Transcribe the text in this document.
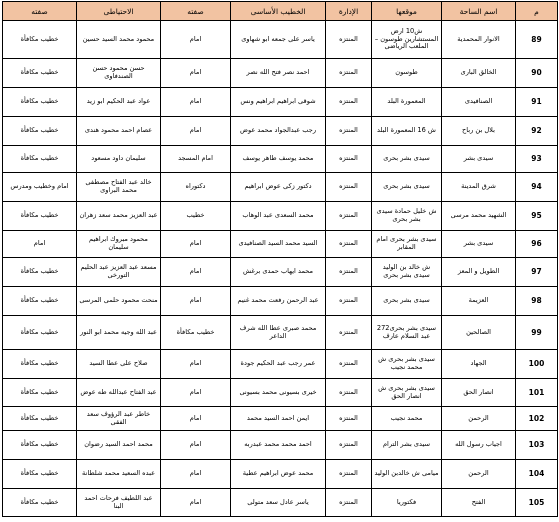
م	اسم الساحة	موقعها	الإدارة	الخطيب الأساسى	صفته	الاحتياطى	صفته
89	الانوار المحمدية	ش10 ارض المستشارين طوسون – الملعب الرياضى	المنتزه	ياسر على جمعه ابو شهاوى	امام	محمود محمد السيد حسين	خطيب مكافأة
90	الخالق البارى	طوسون	المنتزه	احمد نصر فتح الله نصر	امام	حسن محمود حسن الصندفاوى	خطيب مكافأة
91	الصنافيدى	المعمورة البلد	المنتزه	شوقى ابراهيم ابراهيم ونس	امام	عواد عبد الحكيم ابو زيد	خطيب مكافأة
92	بلال بن رباح	ش 16 المعمورة البلد	المنتزه	رجب عبدالجواد محمد عوض	امام	عصام احمد محمود هندى	خطيب مكافأة
93	سيدى بشر	سيدى بشر بحرى	المنتزه	محمد يوسف طاهر يوسف	امام المسجد	سليمان داود مسعود	خطيب مكافأة
94	شرق المدينة	سيدى بشر بحرى	المنتزه	دكتور زكى عوض ابراهيم	دكتوراه	خالد عبد الفتاح مصطفى محمد البراوى	امام وخطيب ومدرس
95	الشهيد محمد مرسى	ش خليل حمادة سيدى بشر بحرى	المنتزه	محمد السعدى عبد الوهاب	خطيب	عبد العزيز محمد سعد زهران	خطيب مكافأة
96	سيدى بشر	سيدى بشر بحرى امام المقابر	المنتزه	السيد محمد السيد الصنافيدى	امام	محمود مبروك ابراهيم سليمان	امام
97	الطويل و المعز	ش خالد بن الوليد سيدى بشر بحرى	المنتزه	محمد ايهاب حمدى برغش	امام	مسعد عبد العزيز عبد الحليم التورخى	خطيب مكافأة
98	العزيمة	سيدى بشر بحرى	المنتزه	عبد الرحمن رفعت محمد غنيم	امام	منحت محمود حلمى المرسى	خطيب مكافأة
99	الصالحين	سيدى بشر بحرى272 عبد السلام عارف	المنتزه	محمد صبرى عطا الله شرف الداعر	خطيب مكافأة	عبد الله وجيه محمد ابو النور	خطيب مكافأة
100	الجهاد	سيدى بشر بحرى ش محمد نجيب	المنتزه	عمر رجب عبد الحكيم جودة	امام	صلاح على عطا السيد	خطيب مكافأة
101	انصار الحق	سيدى بشر بحرى ش انصار الحق	المنتزه	خيرى بسيونى محمد بسيونى	امام	عبد الفتاح عبدالله طه عوض	خطيب مكافأة
102	الرحمن	محمد نجيب	المنتزه	ايمن احمد السيد محمد	امام	خاطر عبد الرؤوف سعد الفقى	خطيب مكافأة
103	اجياب رسول الله	سيدى بشر الترام	المنتزه	احمد محمد محمد عبدربه	امام	محمد احمد السيد رضوان	خطيب مكافأة
104	الرحمن	ميامى ش خالدبن الوليد	المنتزه	محمد عوض ابراهيم عطية	امام	عبده السعيد محمد شلطانة	خطيب مكافأة
105	الفتح	فكتوريا	المنتزه	ياسر عادل سعد متولى	امام	عبد اللطيف فرحات احمد البنا	خطيب مكافأة
